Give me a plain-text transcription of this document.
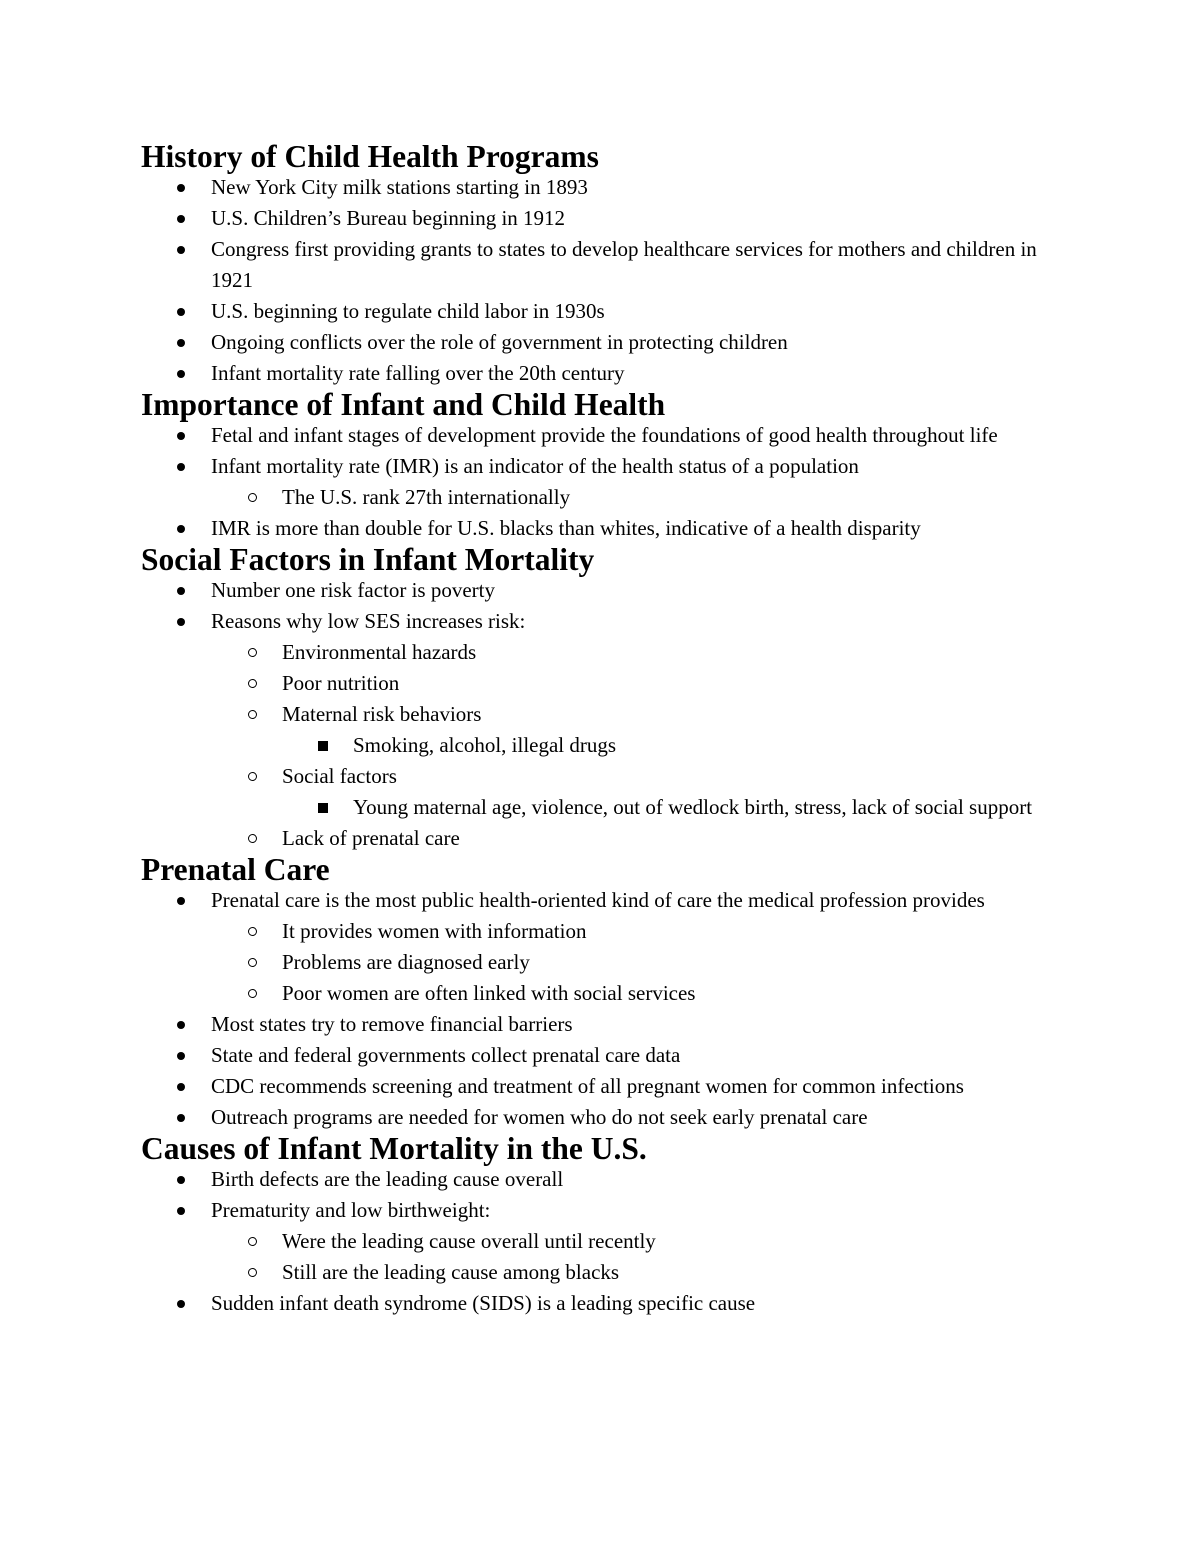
History of Child Health Programs
New York City milk stations starting in 1893
U.S. Children’s Bureau beginning in 1912
Congress first providing grants to states to develop healthcare services for mothers and children in 1921
U.S. beginning to regulate child labor in 1930s
Ongoing conflicts over the role of government in protecting children
Infant mortality rate falling over the 20th century
Importance of Infant and Child Health
Fetal and infant stages of development provide the foundations of good health throughout life
Infant mortality rate (IMR) is an indicator of the health status of a population
The U.S. rank 27th internationally
IMR is more than double for U.S. blacks than whites, indicative of a health disparity
Social Factors in Infant Mortality
Number one risk factor is poverty
Reasons why low SES increases risk:
Environmental hazards
Poor nutrition
Maternal risk behaviors
Smoking, alcohol, illegal drugs
Social factors
Young maternal age, violence, out of wedlock birth, stress, lack of social support
Lack of prenatal care
Prenatal Care
Prenatal care is the most public health-oriented kind of care the medical profession provides
It provides women with information
Problems are diagnosed early
Poor women are often linked with social services
Most states try to remove financial barriers
State and federal governments collect prenatal care data
CDC recommends screening and treatment of all pregnant women for common infections
Outreach programs are needed for women who do not seek early prenatal care
Causes of Infant Mortality in the U.S.
Birth defects are the leading cause overall
Prematurity and low birthweight:
Were the leading cause overall until recently
Still are the leading cause among blacks
Sudden infant death syndrome (SIDS) is a leading specific cause
